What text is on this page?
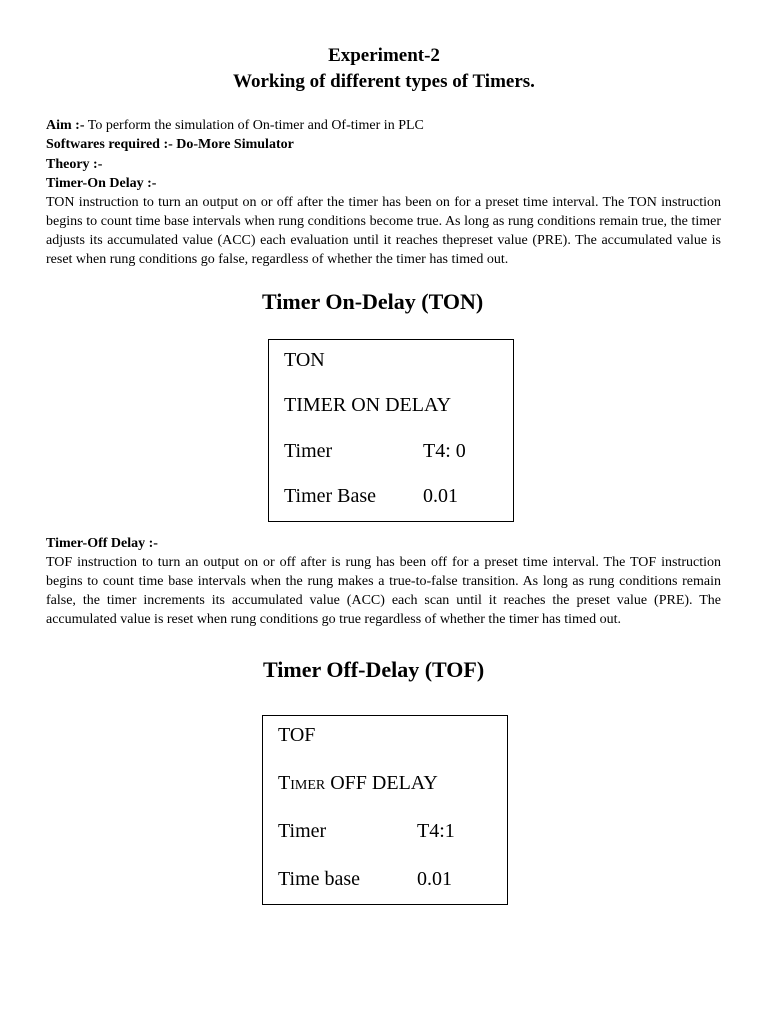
Experiment-2
Working of different types of Timers.
Aim :- To perform the simulation of On-timer and Of-timer in PLC
Softwares required :- Do-More Simulator
Theory :-
Timer-On Delay :-
TON instruction to turn an output on or off after the timer has been on for a preset time interval. The TON instruction begins to count time base intervals when rung conditions become true. As long as rung conditions remain true, the timer adjusts its accumulated value (ACC) each evaluation until it reaches thepreset value (PRE). The accumulated value is reset when rung conditions go false, regardless of whether the timer has timed out.
Timer On-Delay (TON)
TON
TIMER ON DELAY
Timer	T4: 0
Timer Base 0.01
Timer-Off Delay :-
TOF instruction to turn an output on or off after is rung has been off for a preset time interval. The TOF instruction begins to count time base intervals when the rung makes a true-to-false transition. As long as rung conditions remain false, the timer increments its accumulated value (ACC) each scan until it reaches the preset value (PRE). The accumulated value is reset when rung conditions go true regardless of whether the timer has timed out.
Timer Off-Delay (TOF)
TOF
Timer OFF DELAY
Timer	T4:1
Time base	0.01
